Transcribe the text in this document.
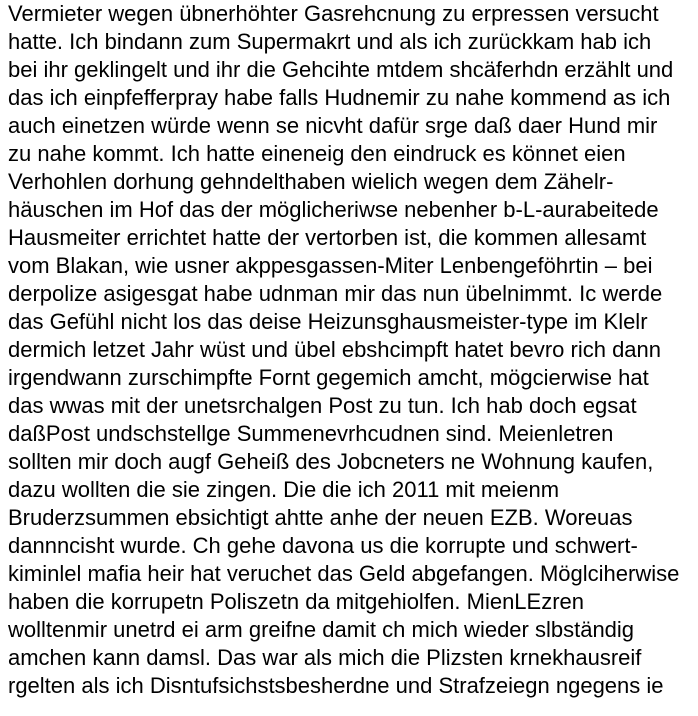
Vermieter wegen übnerhöhter Gasrehcnung zu erpressen versucht
hatte. Ich bindann zum Supermakrt und als ich zurückkam hab ich
bei ihr geklingelt und ihr die Gehcihte mtdem shcäferhdn erzählt und
das ich einpfefferpray habe falls Hudnemir zu nahe kommend as ich
auch einetzen würde wenn se nicvht dafür srge daß daer Hund mir
zu nahe kommt. Ich hatte eineneig den eindruck es könnet eien
Verhohlen dorhung gehndelthaben wielich wegen dem Zähelr-
häuschen im Hof das der möglicheriwse nebenher b-L-aurabeitede
Hausmeiter errichtet hatte der vertorben ist, die kommen allesamt
vom Blakan, wie usner akppesgassen-Miter Lenbengeföhrtin – bei
derpolize asigesgat habe udnman mir das nun übelnimmt. Ic werde
das Gefühl nicht los das deise Heizunsghausmeister-type im Klelr
dermich letzet Jahr wüst und übel ebshcimpft hatet bevro rich dann
irgendwann zurschimpfte Fornt gegemich amcht, mögcierwise hat
das wwas mit der unetsrchalgen Post zu tun. Ich hab doch egsat
daßPost undschstellge Summenevrhcudnen sind. Meienletren
sollten mir doch augf Geheiß des Jobcneters ne Wohnung kaufen,
dazu wollten die sie zingen. Die die ich 2011 mit meienm
Bruderzsummen ebsichtigt ahtte anhe der neuen EZB. Woreuas
dannncisht wurde. Ch gehe davona us die korrupte und schwert-
kiminlel mafia heir hat veruchet das Geld abgefangen. Möglciherwise
haben die korrupetn Poliszetn da mitgehiolfen. MienLEzren
wolltenmir unetrd ei arm greifne damit ch mich wieder slbständig
amchen kann damsl. Das war als mich die Plizsten krnekhausreif
rgelten als ich Disntufsichstsbesherdne und Strafzeiegn ngegens ie
